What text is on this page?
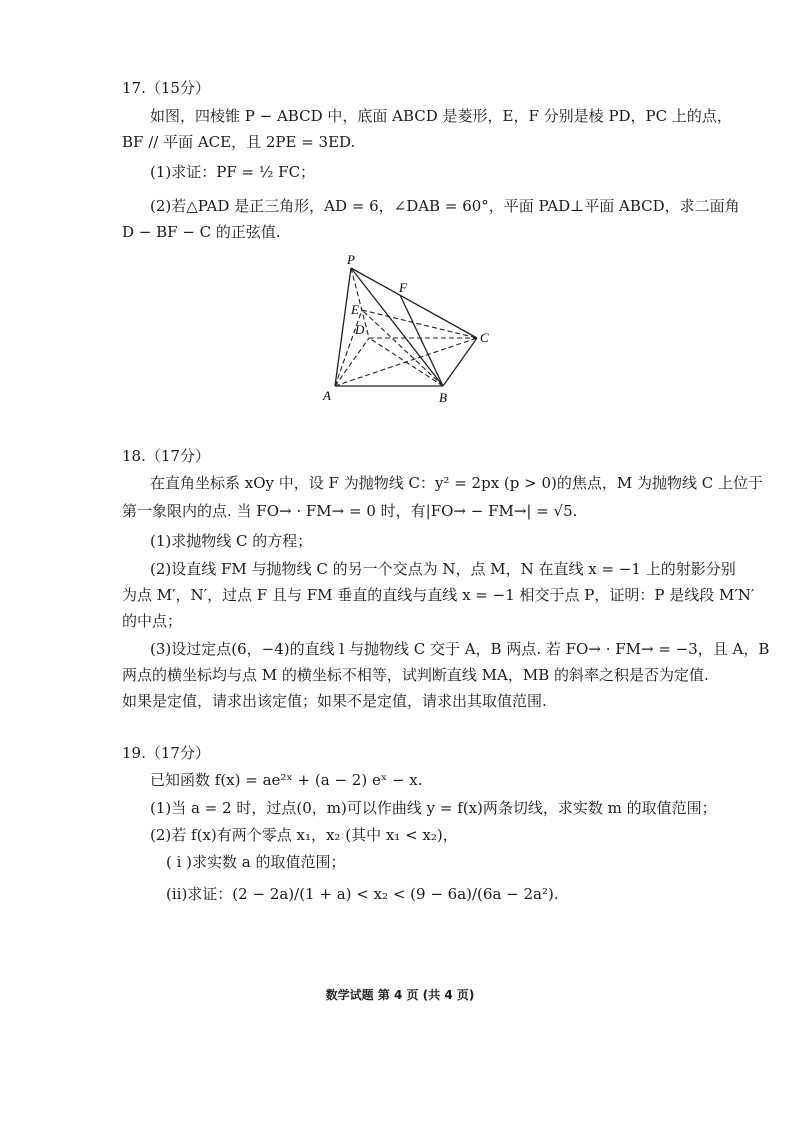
17.（15分）
如图，四棱锥 P − ABCD 中，底面 ABCD 是菱形，E，F 分别是棱 PD，PC 上的点，
BF // 平面 ACE，且 2PE = 3ED.
(1)求证：PF = ½ FC；
(2)若△PAD 是正三角形，AD = 6，∠DAB = 60°，平面 PAD⊥平面 ABCD，求二面角
D − BF − C 的正弦值.
P
F
E
D
C
A	B
18.（17分）
在直角坐标系 xOy 中，设 F 为抛物线 C：y² = 2px (p > 0)的焦点，M 为抛物线 C 上位于
第一象限内的点. 当 FO→ · FM→ = 0 时，有|FO→ − FM→| = √5.
(1)求抛物线 C 的方程；
(2)设直线 FM 与抛物线 C 的另一个交点为 N，点 M，N 在直线 x = −1 上的射影分别
为点 M′，N′，过点 F 且与 FM 垂直的直线与直线 x = −1 相交于点 P，证明：P 是线段 M′N′
的中点；
(3)设过定点(6，−4)的直线 l 与抛物线 C 交于 A，B 两点. 若 FO→ · FM→ = −3，且 A，B
两点的横坐标均与点 M 的横坐标不相等，试判断直线 MA，MB 的斜率之积是否为定值.
如果是定值，请求出该定值；如果不是定值，请求出其取值范围.
19.（17分）
已知函数 f(x) = ae²ˣ + (a − 2) eˣ − x.
(1)当 a = 2 时，过点(0，m)可以作曲线 y = f(x)两条切线，求实数 m 的取值范围；
(2)若 f(x)有两个零点 x₁，x₂ (其中 x₁ < x₂)，
( i )求实数 a 的取值范围；
(ii)求证：(2 − 2a)/(1 + a) < x₂ < (9 − 6a)/(6a − 2a²).
数学试题 第 4 页 (共 4 页)
